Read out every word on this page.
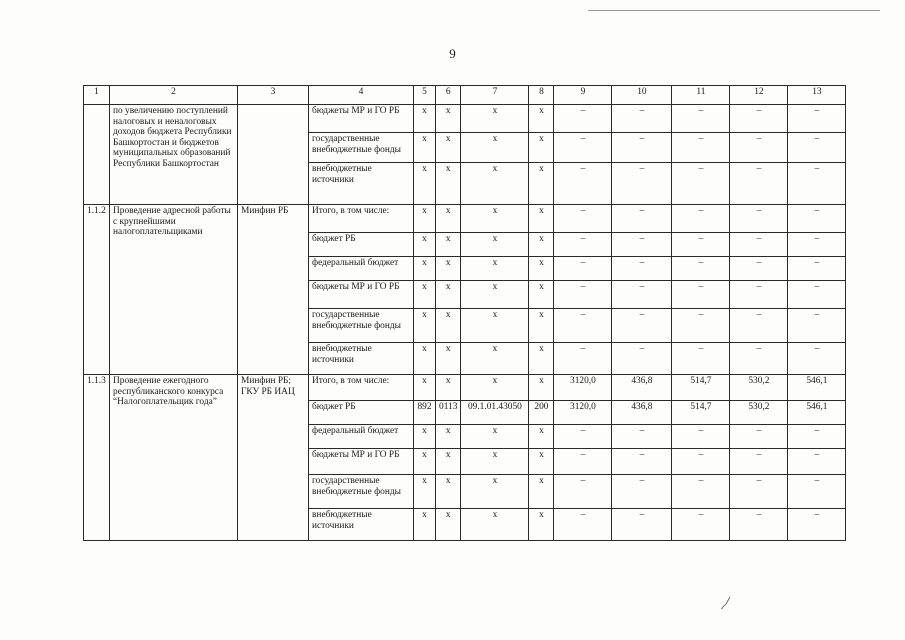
9
1	2	3	4	5	6	7	8	9	10	11	12	13
	по увеличению поступлений налоговых и неналоговых доходов бюджета Республики Башкортостан и бюджетов муниципальных образований Республики Башкортостан		бюджеты МР и ГО РБ	х	х	х	х	–	–	–	–	–
			государственные внебюджетные фонды	х	х	х	х	–	–	–	–	–
			внебюджетные источники	х	х	х	х	–	–	–	–	–
1.1.2	Проведение адресной работы с крупнейшими налогоплательщиками	Минфин РБ	Итого, в том числе:	х	х	х	х	–	–	–	–	–
			бюджет РБ	х	х	х	х	–	–	–	–	–
			федеральный бюджет	х	х	х	х	–	–	–	–	–
			бюджеты МР и ГО РБ	х	х	х	х	–	–	–	–	–
			государственные внебюджетные фонды	х	х	х	х	–	–	–	–	–
			внебюджетные источники	х	х	х	х	–	–	–	–	–
1.1.3	Проведение ежегодного республиканского конкурса “Налогоплательщик года”	Минфин РБ; ГКУ РБ ИАЦ	Итого, в том числе:	х	х	х	х	3120,0	436,8	514,7	530,2	546,1
			бюджет РБ	892	0113	09.1.01.43050	200	3120,0	436,8	514,7	530,2	546,1
			федеральный бюджет	х	х	х	х	–	–	–	–	–
			бюджеты МР и ГО РБ	х	х	х	х	–	–	–	–	–
			государственные внебюджетные фонды	х	х	х	х	–	–	–	–	–
			внебюджетные источники	х	х	х	х	–	–	–	–	–
